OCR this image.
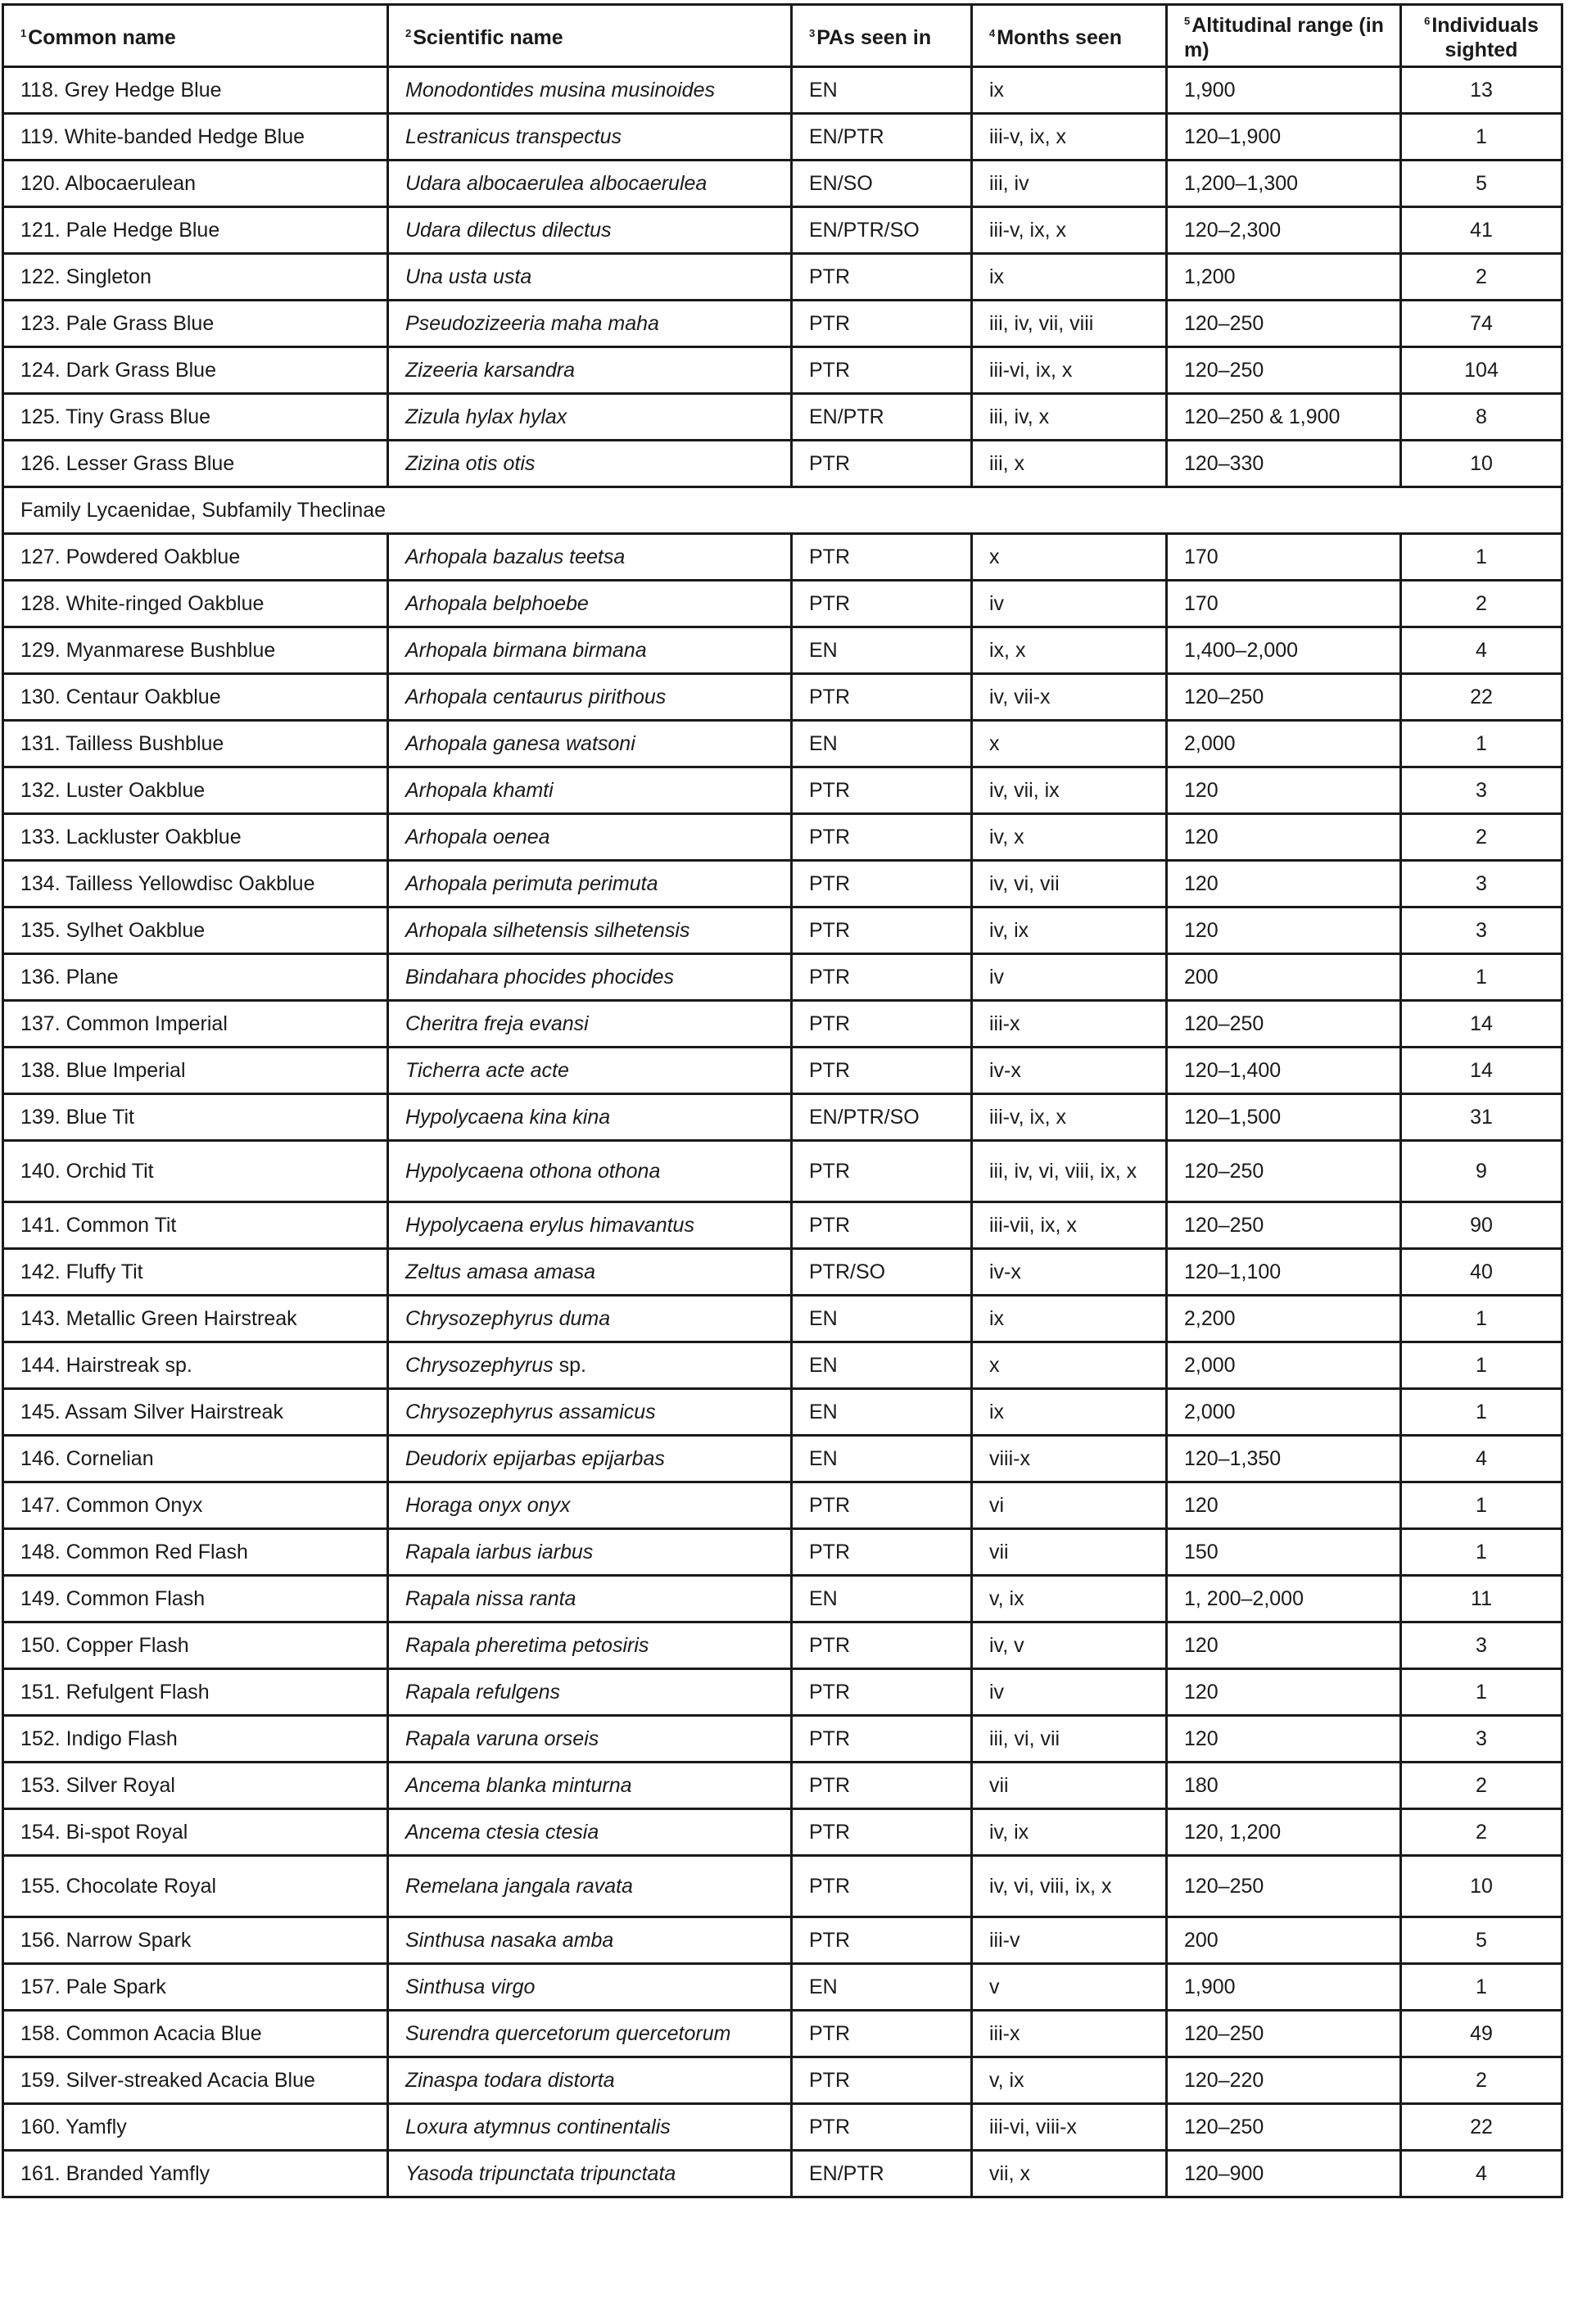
$^1$Common name	$^2$Scientific name	$^3$PAs seen in	$^4$Months seen	$^5$Altitudinal range (in m)	$^6$Individuals sighted
118. Grey Hedge Blue	Monodontides musina musinoides	EN	ix	1,900	13
119. White-banded Hedge Blue	Lestranicus transpectus	EN/PTR	iii-v, ix, x	120–1,900	1
120. Albocaerulean	Udara albocaerulea albocaerulea	EN/SO	iii, iv	1,200–1,300	5
121. Pale Hedge Blue	Udara dilectus dilectus	EN/PTR/SO	iii-v, ix, x	120–2,300	41
122. Singleton	Una usta usta	PTR	ix	1,200	2
123. Pale Grass Blue	Pseudozizeeria maha maha	PTR	iii, iv, vii, viii	120–250	74
124. Dark Grass Blue	Zizeeria karsandra	PTR	iii-vi, ix, x	120–250	104
125. Tiny Grass Blue	Zizula hylax hylax	EN/PTR	iii, iv, x	120–250 & 1,900	8
126. Lesser Grass Blue	Zizina otis otis	PTR	iii, x	120–330	10
Family Lycaenidae, Subfamily Theclinae					
127. Powdered Oakblue	Arhopala bazalus teetsa	PTR	x	170	1
128. White-ringed Oakblue	Arhopala belphoebe	PTR	iv	170	2
129. Myanmarese Bushblue	Arhopala birmana birmana	EN	ix, x	1,400–2,000	4
130. Centaur Oakblue	Arhopala centaurus pirithous	PTR	iv, vii-x	120–250	22
131. Tailless Bushblue	Arhopala ganesa watsoni	EN	x	2,000	1
132. Luster Oakblue	Arhopala khamti	PTR	iv, vii, ix	120	3
133. Lackluster Oakblue	Arhopala oenea	PTR	iv, x	120	2
134. Tailless Yellowdisc Oakblue	Arhopala perimuta perimuta	PTR	iv, vi, vii	120	3
135. Sylhet Oakblue	Arhopala silhetensis silhetensis	PTR	iv, ix	120	3
136. Plane	Bindahara phocides phocides	PTR	iv	200	1
137. Common Imperial	Cheritra freja evansi	PTR	iii-x	120–250	14
138. Blue Imperial	Ticherra acte acte	PTR	iv-x	120–1,400	14
139. Blue Tit	Hypolycaena kina kina	EN/PTR/SO	iii-v, ix, x	120–1,500	31
140. Orchid Tit	Hypolycaena othona othona	PTR	iii, iv, vi, viii, ix, x	120–250	9
141. Common Tit	Hypolycaena erylus himavantus	PTR	iii-vii, ix, x	120–250	90
142. Fluffy Tit	Zeltus amasa amasa	PTR/SO	iv-x	120–1,100	40
143. Metallic Green Hairstreak	Chrysozephyrus duma	EN	ix	2,200	1
144. Hairstreak sp.	Chrysozephyrus sp.	EN	x	2,000	1
145. Assam Silver Hairstreak	Chrysozephyrus assamicus	EN	ix	2,000	1
146. Cornelian	Deudorix epijarbas epijarbas	EN	viii-x	120–1,350	4
147. Common Onyx	Horaga onyx onyx	PTR	vi	120	1
148. Common Red Flash	Rapala iarbus iarbus	PTR	vii	150	1
149. Common Flash	Rapala nissa ranta	EN	v, ix	1, 200–2,000	11
150. Copper Flash	Rapala pheretima petosiris	PTR	iv, v	120	3
151. Refulgent Flash	Rapala refulgens	PTR	iv	120	1
152. Indigo Flash	Rapala varuna orseis	PTR	iii, vi, vii	120	3
153. Silver Royal	Ancema blanka minturna	PTR	vii	180	2
154. Bi-spot Royal	Ancema ctesia ctesia	PTR	iv, ix	120, 1,200	2
155. Chocolate Royal	Remelana jangala ravata	PTR	iv, vi, viii, ix, x	120–250	10
156. Narrow Spark	Sinthusa nasaka amba	PTR	iii-v	200	5
157. Pale Spark	Sinthusa virgo	EN	v	1,900	1
158. Common Acacia Blue	Surendra quercetorum quercetorum	PTR	iii-x	120–250	49
159. Silver-streaked Acacia Blue	Zinaspa todara distorta	PTR	v, ix	120–220	2
160. Yamfly	Loxura atymnus continentalis	PTR	iii-vi, viii-x	120–250	22
161. Branded Yamfly	Yasoda tripunctata tripunctata	EN/PTR	vii, x	120–900	4
